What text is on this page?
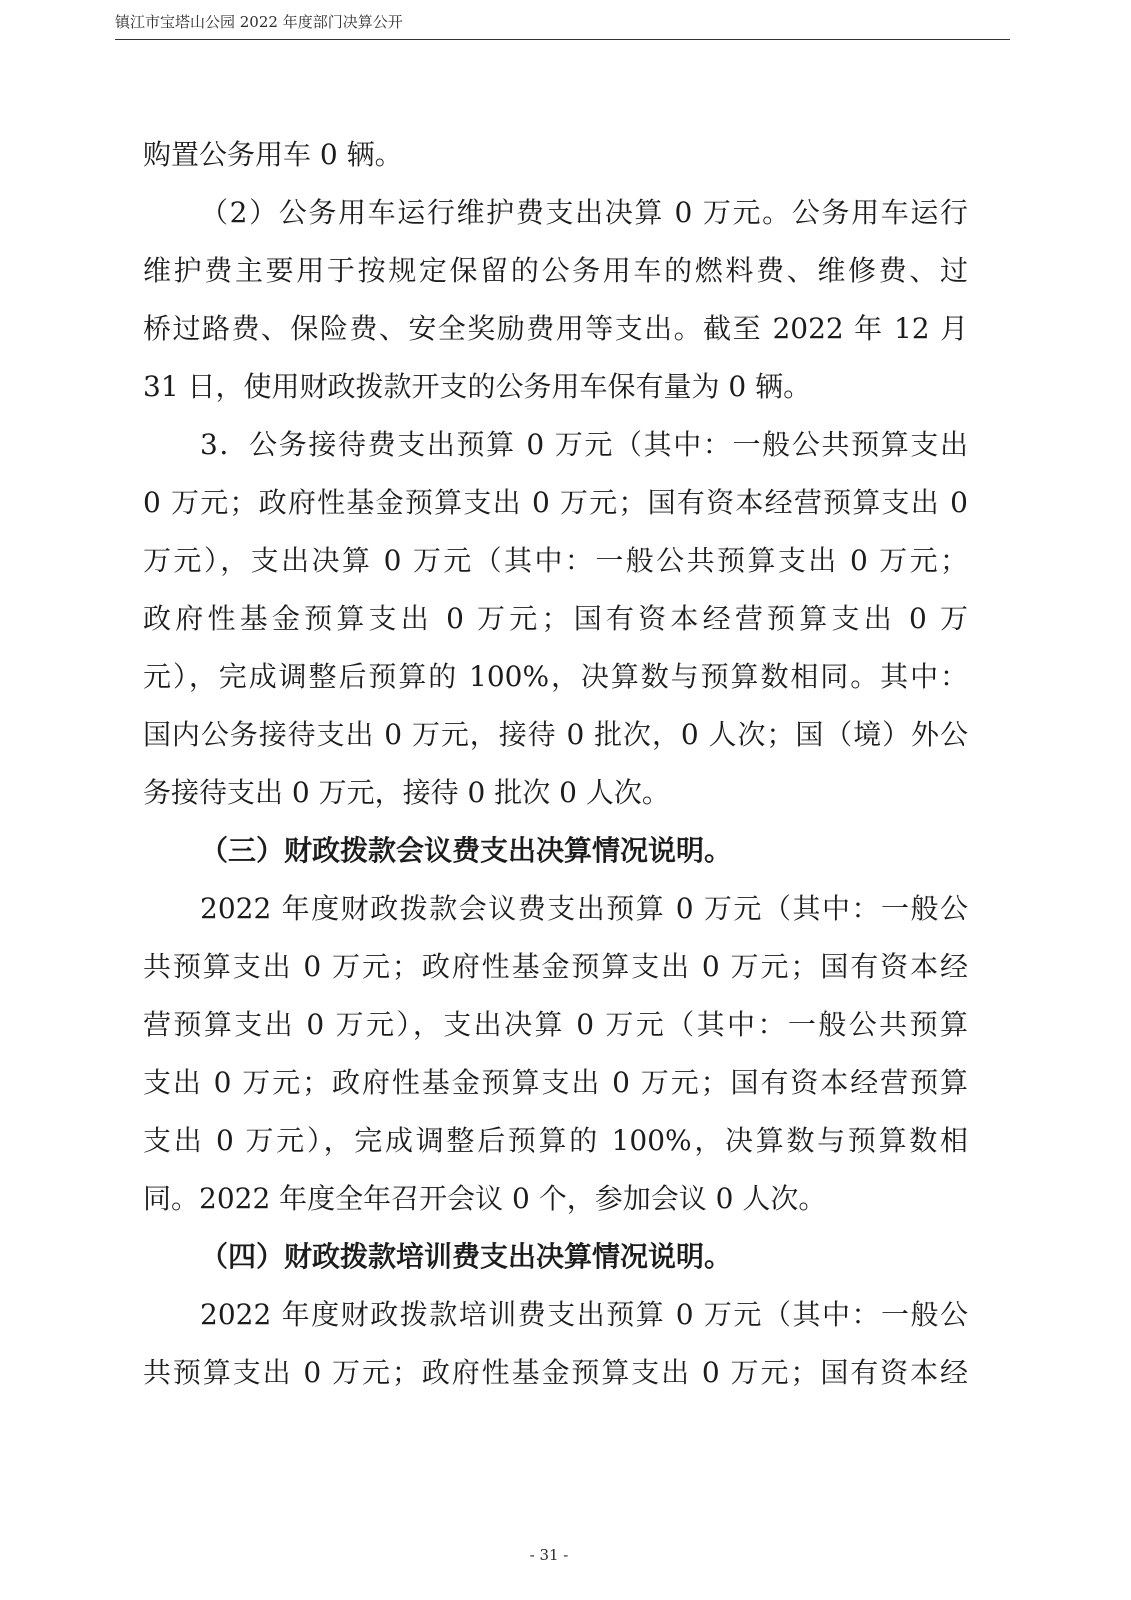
镇江市宝塔山公园 2022 年度部门决算公开
购置公务用车 0 辆。
（2）公务用车运行维护费支出决算 0 万元。公务用车运行
维护费主要用于按规定保留的公务用车的燃料费、维修费、过
桥过路费、保险费、安全奖励费用等支出。截至 2022 年 12 月
31 日，使用财政拨款开支的公务用车保有量为 0 辆。
3．公务接待费支出预算 0 万元（其中：一般公共预算支出
0 万元；政府性基金预算支出 0 万元；国有资本经营预算支出 0
万元），支出决算 0 万元（其中：一般公共预算支出 0 万元；
政府性基金预算支出 0 万元；国有资本经营预算支出 0 万
元），完成调整后预算的 100%，决算数与预算数相同。其中：
国内公务接待支出 0 万元，接待 0 批次，0 人次；国（境）外公
务接待支出 0 万元，接待 0 批次 0 人次。
（三）财政拨款会议费支出决算情况说明。
2022 年度财政拨款会议费支出预算 0 万元（其中：一般公
共预算支出 0 万元；政府性基金预算支出 0 万元；国有资本经
营预算支出 0 万元），支出决算 0 万元（其中：一般公共预算
支出 0 万元；政府性基金预算支出 0 万元；国有资本经营预算
支出 0 万元），完成调整后预算的 100%，决算数与预算数相
同。2022 年度全年召开会议 0 个，参加会议 0 人次。
（四）财政拨款培训费支出决算情况说明。
2022 年度财政拨款培训费支出预算 0 万元（其中：一般公
共预算支出 0 万元；政府性基金预算支出 0 万元；国有资本经
- 31 -
